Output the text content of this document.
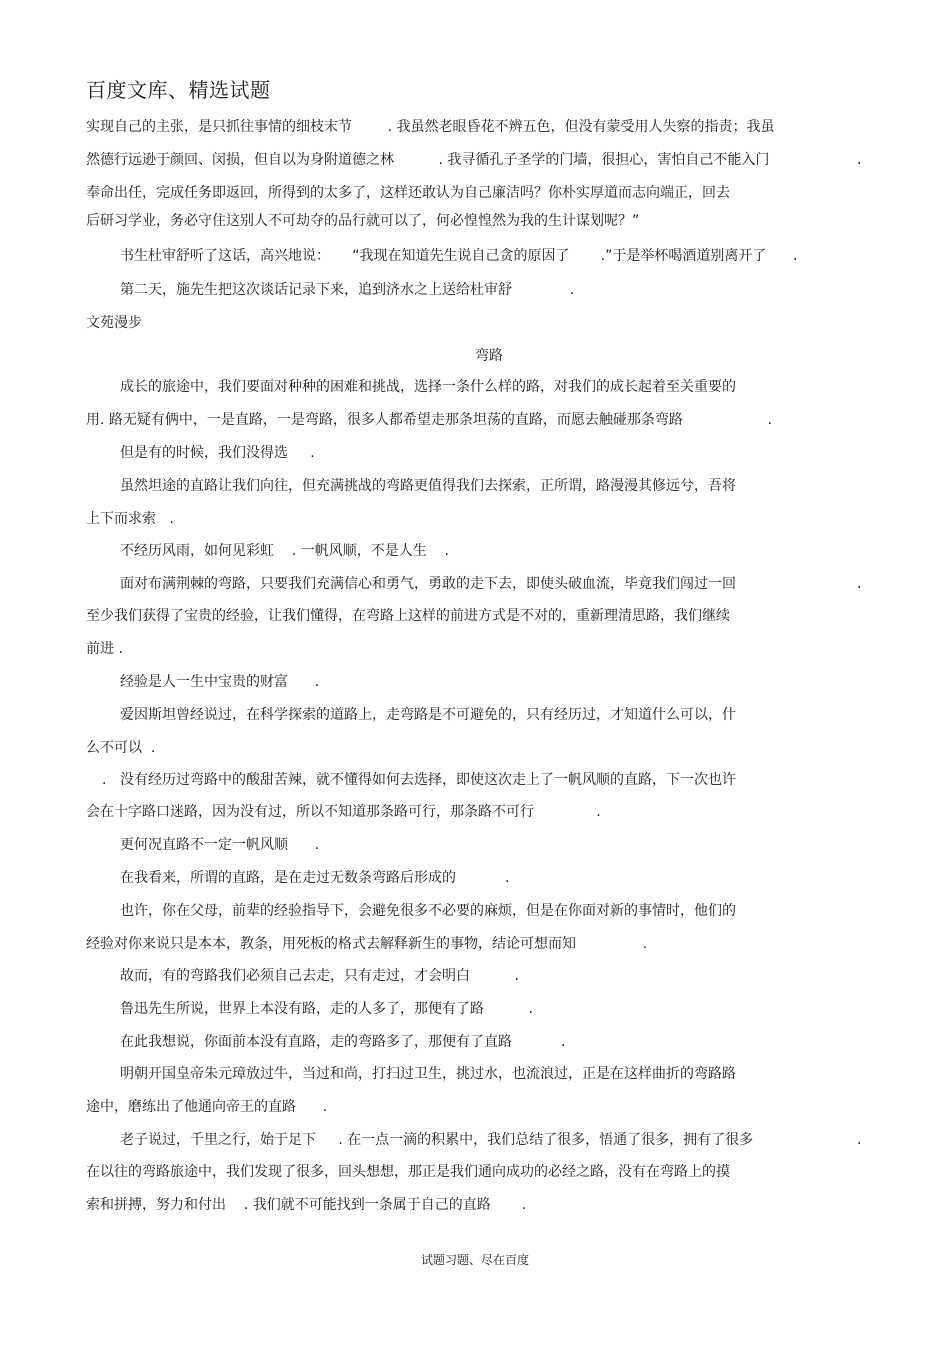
百度文库、精选试题
实现自己的主张，是只抓往事情的细枝末节        . 我虽然老眼昏花不辨五色，但没有蒙受用人失察的指责；我虽
然德行远逊于颜回、闵损，但自以为身附道德之林          . 我寻循孔子圣学的门墙，很担心，害怕自己不能入门	.
奉命出任，完成任务即返回，所得到的太多了，这样还敢认为自己廉洁吗？你朴实厚道而志向端正，回去
后研习学业，务必守住这别人不可劫夺的品行就可以了，何必惶惶然为我的生计谋划呢？”
书生杜审舒听了这话，高兴地说：     “我现在知道先生说自己贪的原因了       .”于是举杯喝酒道别离开了      .
第二天，施先生把这次谈话记录下来，追到济水之上送给杜审舒             .
文苑漫步
弯路
成长的旅途中，我们要面对种种的困难和挑战，选择一条什么样的路，对我们的成长起着至关重要的
用. 路无疑有俩中，一是直路，一是弯路，很多人都希望走那条坦荡的直路，而愿去触碰那条弯路                   .
但是有的时候，我们没得选     .
虽然坦途的直路让我们向往，但充满挑战的弯路更值得我们去探索，正所谓，路漫漫其修远兮，吾将
上下而求索   .
不经历风雨，如何见彩虹    . 一帆风顺，不是人生    .
面对布满荆棘的弯路，只要我们充满信心和勇气，勇敢的走下去，即使头破血流，毕竟我们闯过一回	.
至少我们获得了宝贵的经验，让我们懂得，在弯路上这样的前进方式是不对的，重新理清思路，我们继续
前进 .
经验是人一生中宝贵的财富      .
爱因斯坦曾经说过，在科学探索的道路上，走弯路是不可避免的，只有经历过，才知道什么可以，什
么不可以  .
. 没有经历过弯路中的酸甜苦辣，就不懂得如何去选择，即使这次走上了一帆风顺的直路，下一次也许
会在十字路口迷路，因为没有过，所以不知道那条路可行，那条路不可行              .
更何况直路不一定一帆风顺      .
在我看来，所谓的直路，是在走过无数条弯路后形成的           .
也许，你在父母，前辈的经验指导下，会避免很多不必要的麻烦，但是在你面对新的事情时，他们的
经验对你来说只是本本，教条，用死板的格式去解释新生的事物，结论可想而知               .
故而，有的弯路我们必须自己去走，只有走过，才会明白          .
鲁迅先生所说，世界上本没有路，走的人多了，那便有了路          .
在此我想说，你面前本没有直路，走的弯路多了，那便有了直路           .
明朝开国皇帝朱元璋放过牛，当过和尚，打扫过卫生，挑过水，也流浪过，正是在这样曲折的弯路路
途中，磨练出了他通向帝王的直路      .
老子说过，千里之行，始于足下     . 在一点一滴的积累中，我们总结了很多，悟通了很多，拥有了很多	.
在以往的弯路旅途中，我们发现了很多，回头想想，那正是我们通向成功的必经之路，没有在弯路上的摸
索和拼搏，努力和付出    . 我们就不可能找到一条属于自己的直路       .
试题习题、尽在百度
